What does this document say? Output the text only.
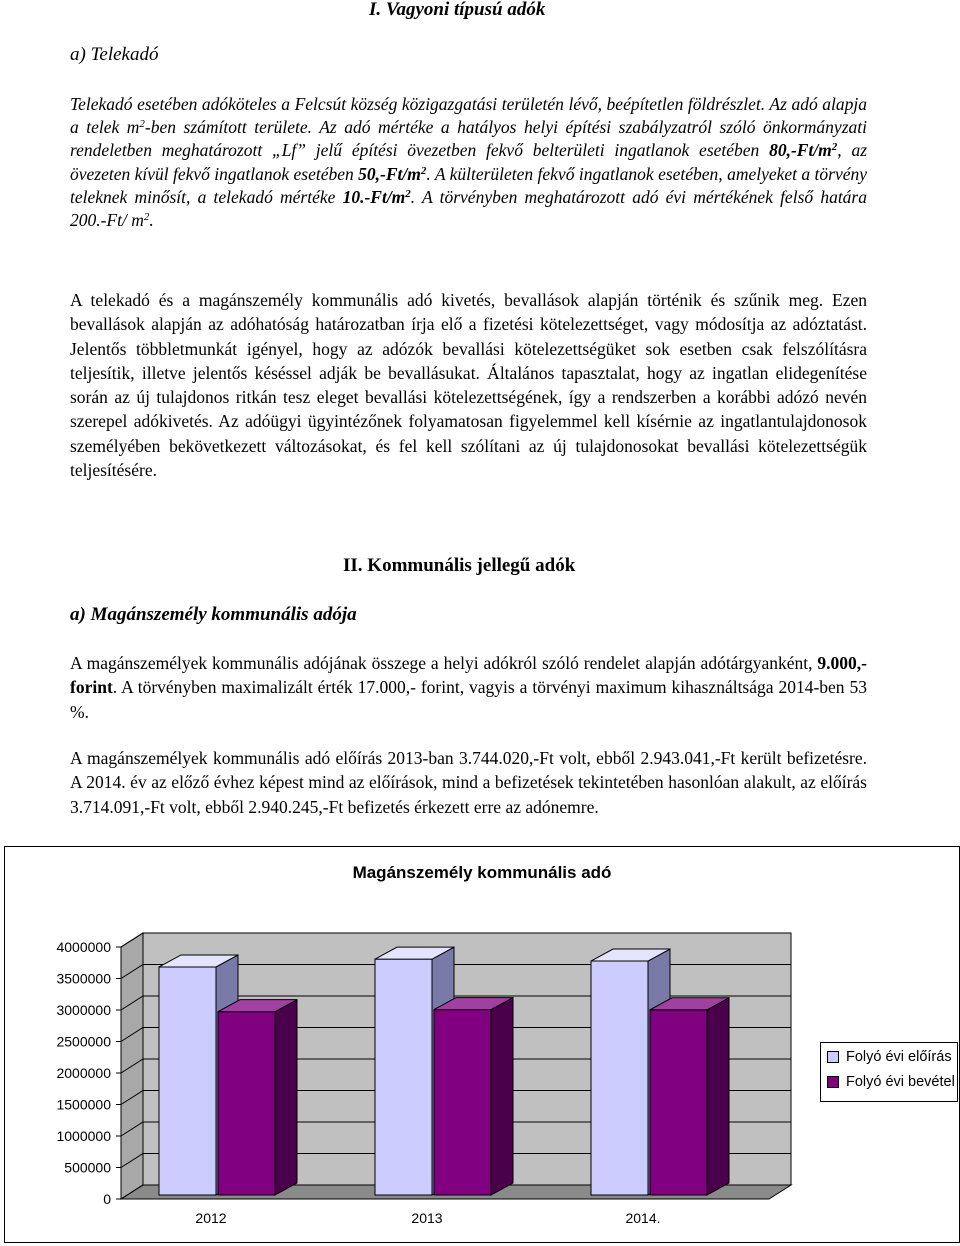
I. Vagyoni típusú adók
a) Telekadó
Telekadó esetében adóköteles a Felcsút község közigazgatási területén lévő, beépítetlen földrészlet. Az adó alapja a telek $m^2$-ben számított területe. Az adó mértéke a hatályos helyi építési szabályzatról szóló önkormányzati rendeletben meghatározott „Lf” jelű építési övezetben fekvő belterületi ingatlanok esetében $80,-Ft/m^2$, az övezeten kívül fekvő ingatlanok esetében $50,-Ft/m^2$. A külterületen fekvő ingatlanok esetében, amelyeket a törvény teleknek minősít, a telekadó mértéke $10.-Ft/m^2$. A törvényben meghatározott adó évi mértékének felső határa 200.-Ft/ $m^2$.
A telekadó és a magánszemély kommunális adó kivetés, bevallások alapján történik és szűnik meg. Ezen bevallások alapján az adóhatóság határozatban írja elő a fizetési kötelezettséget, vagy módosítja az adóztatást. Jelentős többletmunkát igényel, hogy az adózók bevallási kötelezettségüket sok esetben csak felszólításra teljesítik, illetve jelentős késéssel adják be bevallásukat. Általános tapasztalat, hogy az ingatlan elidegenítése során az új tulajdonos ritkán tesz eleget bevallási kötelezettségének, így a rendszerben a korábbi adózó nevén szerepel adókivetés. Az adóügyi ügyintézőnek folyamatosan figyelemmel kell kísérnie az ingatlantulajdonosok személyében bekövetkezett változásokat, és fel kell szólítani az új tulajdonosokat bevallási kötelezettségük teljesítésére.
II. Kommunális jellegű adók
a) Magánszemély kommunális adója
A magánszemélyek kommunális adójának összege a helyi adókról szóló rendelet alapján adótárgyanként, 9.000,- forint. A törvényben maximalizált érték 17.000,- forint, vagyis a törvényi maximum kihasználtsága 2014-ben 53 %.
A magánszemélyek kommunális adó előírás 2013-ban 3.744.020,-Ft volt, ebből 2.943.041,-Ft került befizetésre. A 2014. év az előző évhez képest mind az előírások, mind a befizetések tekintetében hasonlóan alakult, az előírás 3.714.091,-Ft volt, ebből 2.940.245,-Ft befizetés érkezett erre az adónemre.
Magánszemély kommunális adó
0
500000
1000000
1500000
2000000
2500000
3000000
3500000
4000000
2012	2013	2014.
Folyó évi előírás
Folyó évi bevétel
